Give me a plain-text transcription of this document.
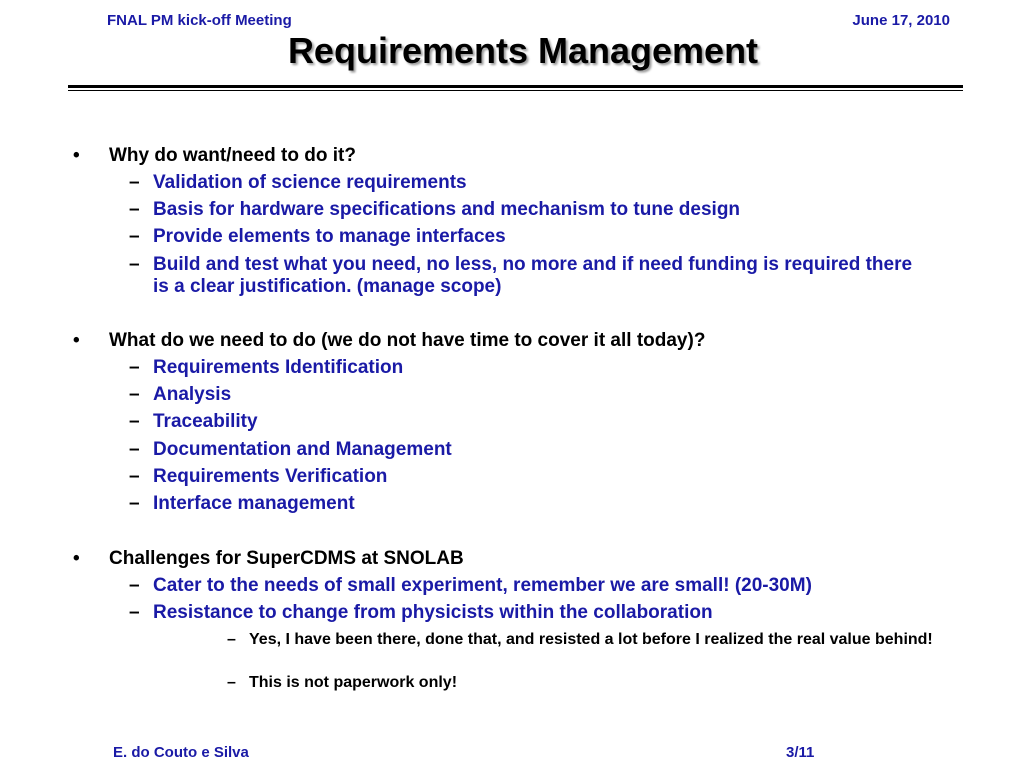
FNAL PM kick-off Meeting	June 17, 2010
Requirements Management
• Why do want/need to do it?
– Validation of science requirements
– Basis for hardware specifications and mechanism to tune design
– Provide elements to manage interfaces
– Build and test what you need, no less, no more and if need funding is required there is a clear justification. (manage scope)
• What do we need to do (we do not have time to cover it all today)?
– Requirements Identification
– Analysis
– Traceability
– Documentation and Management
– Requirements Verification
– Interface management
• Challenges for SuperCDMS at SNOLAB
– Cater to the needs of small experiment, remember we are small! (20-30M)
– Resistance to change from physicists within the collaboration
– Yes, I have been there, done that, and resisted a lot before I realized the real value behind!
– This is not paperwork only!
E. do Couto e Silva	3/11
